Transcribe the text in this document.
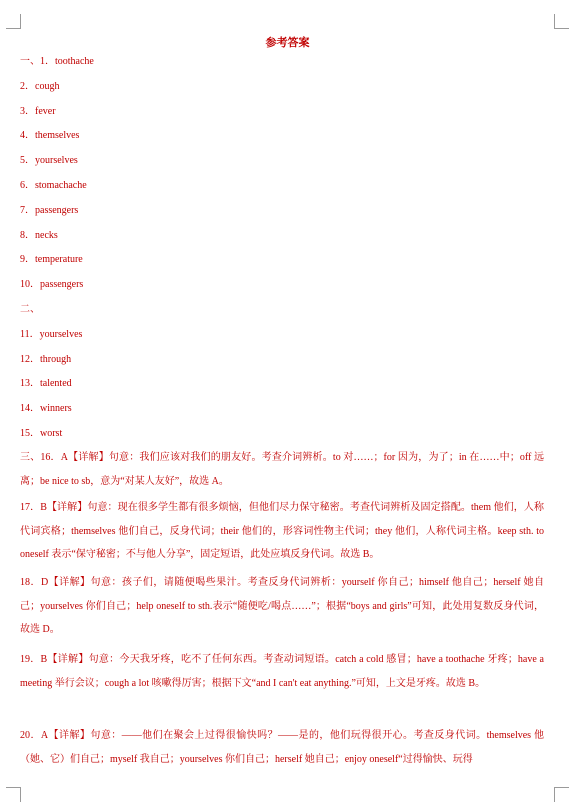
参考答案
一、1．toothache
2．cough
3．fever
4．themselves
5．yourselves
6．stomachache
7．passengers
8．necks
9．temperature
10．passengers
二、
11．yourselves
12．through
13．talented
14．winners
15．worst
三、16．A【详解】句意：我们应该对我们的朋友好。考查介词辨析。to 对……；for 因为，为了；in 在……中；off 远离；be nice to sb，意为“对某人友好”，故选 A。
17．B【详解】句意：现在很多学生都有很多烦恼，但他们尽力保守秘密。考查代词辨析及固定搭配。them 他们，人称代词宾格；themselves 他们自己，反身代词；their 他们的，形容词性物主代词；they 他们，人称代词主格。keep sth. to oneself 表示“保守秘密；不与他人分享”，固定短语，此处应填反身代词。故选 B。
18．D【详解】句意：孩子们，请随便喝些果汁。考查反身代词辨析：yourself 你自己；himself 他自己；herself 她自己；yourselves 你们自己；help oneself to sth.表示“随便吃/喝点……”；根据“boys and girls”可知，此处用复数反身代词，故选 D。
19．B【详解】句意：今天我牙疼，吃不了任何东西。考查动词短语。catch a cold 感冒；have a toothache 牙疼；have a meeting 举行会议；cough a lot 咳嗽得厉害；根据下文“and I can't eat anything.”可知，上文是牙疼。故选 B。
20．A【详解】句意：——他们在聚会上过得很愉快吗？——是的，他们玩得很开心。考查反身代词。themselves 他（她、它）们自己；myself 我自己；yourselves 你们自己；herself 她自己；enjoy oneself“过得愉快、玩得
